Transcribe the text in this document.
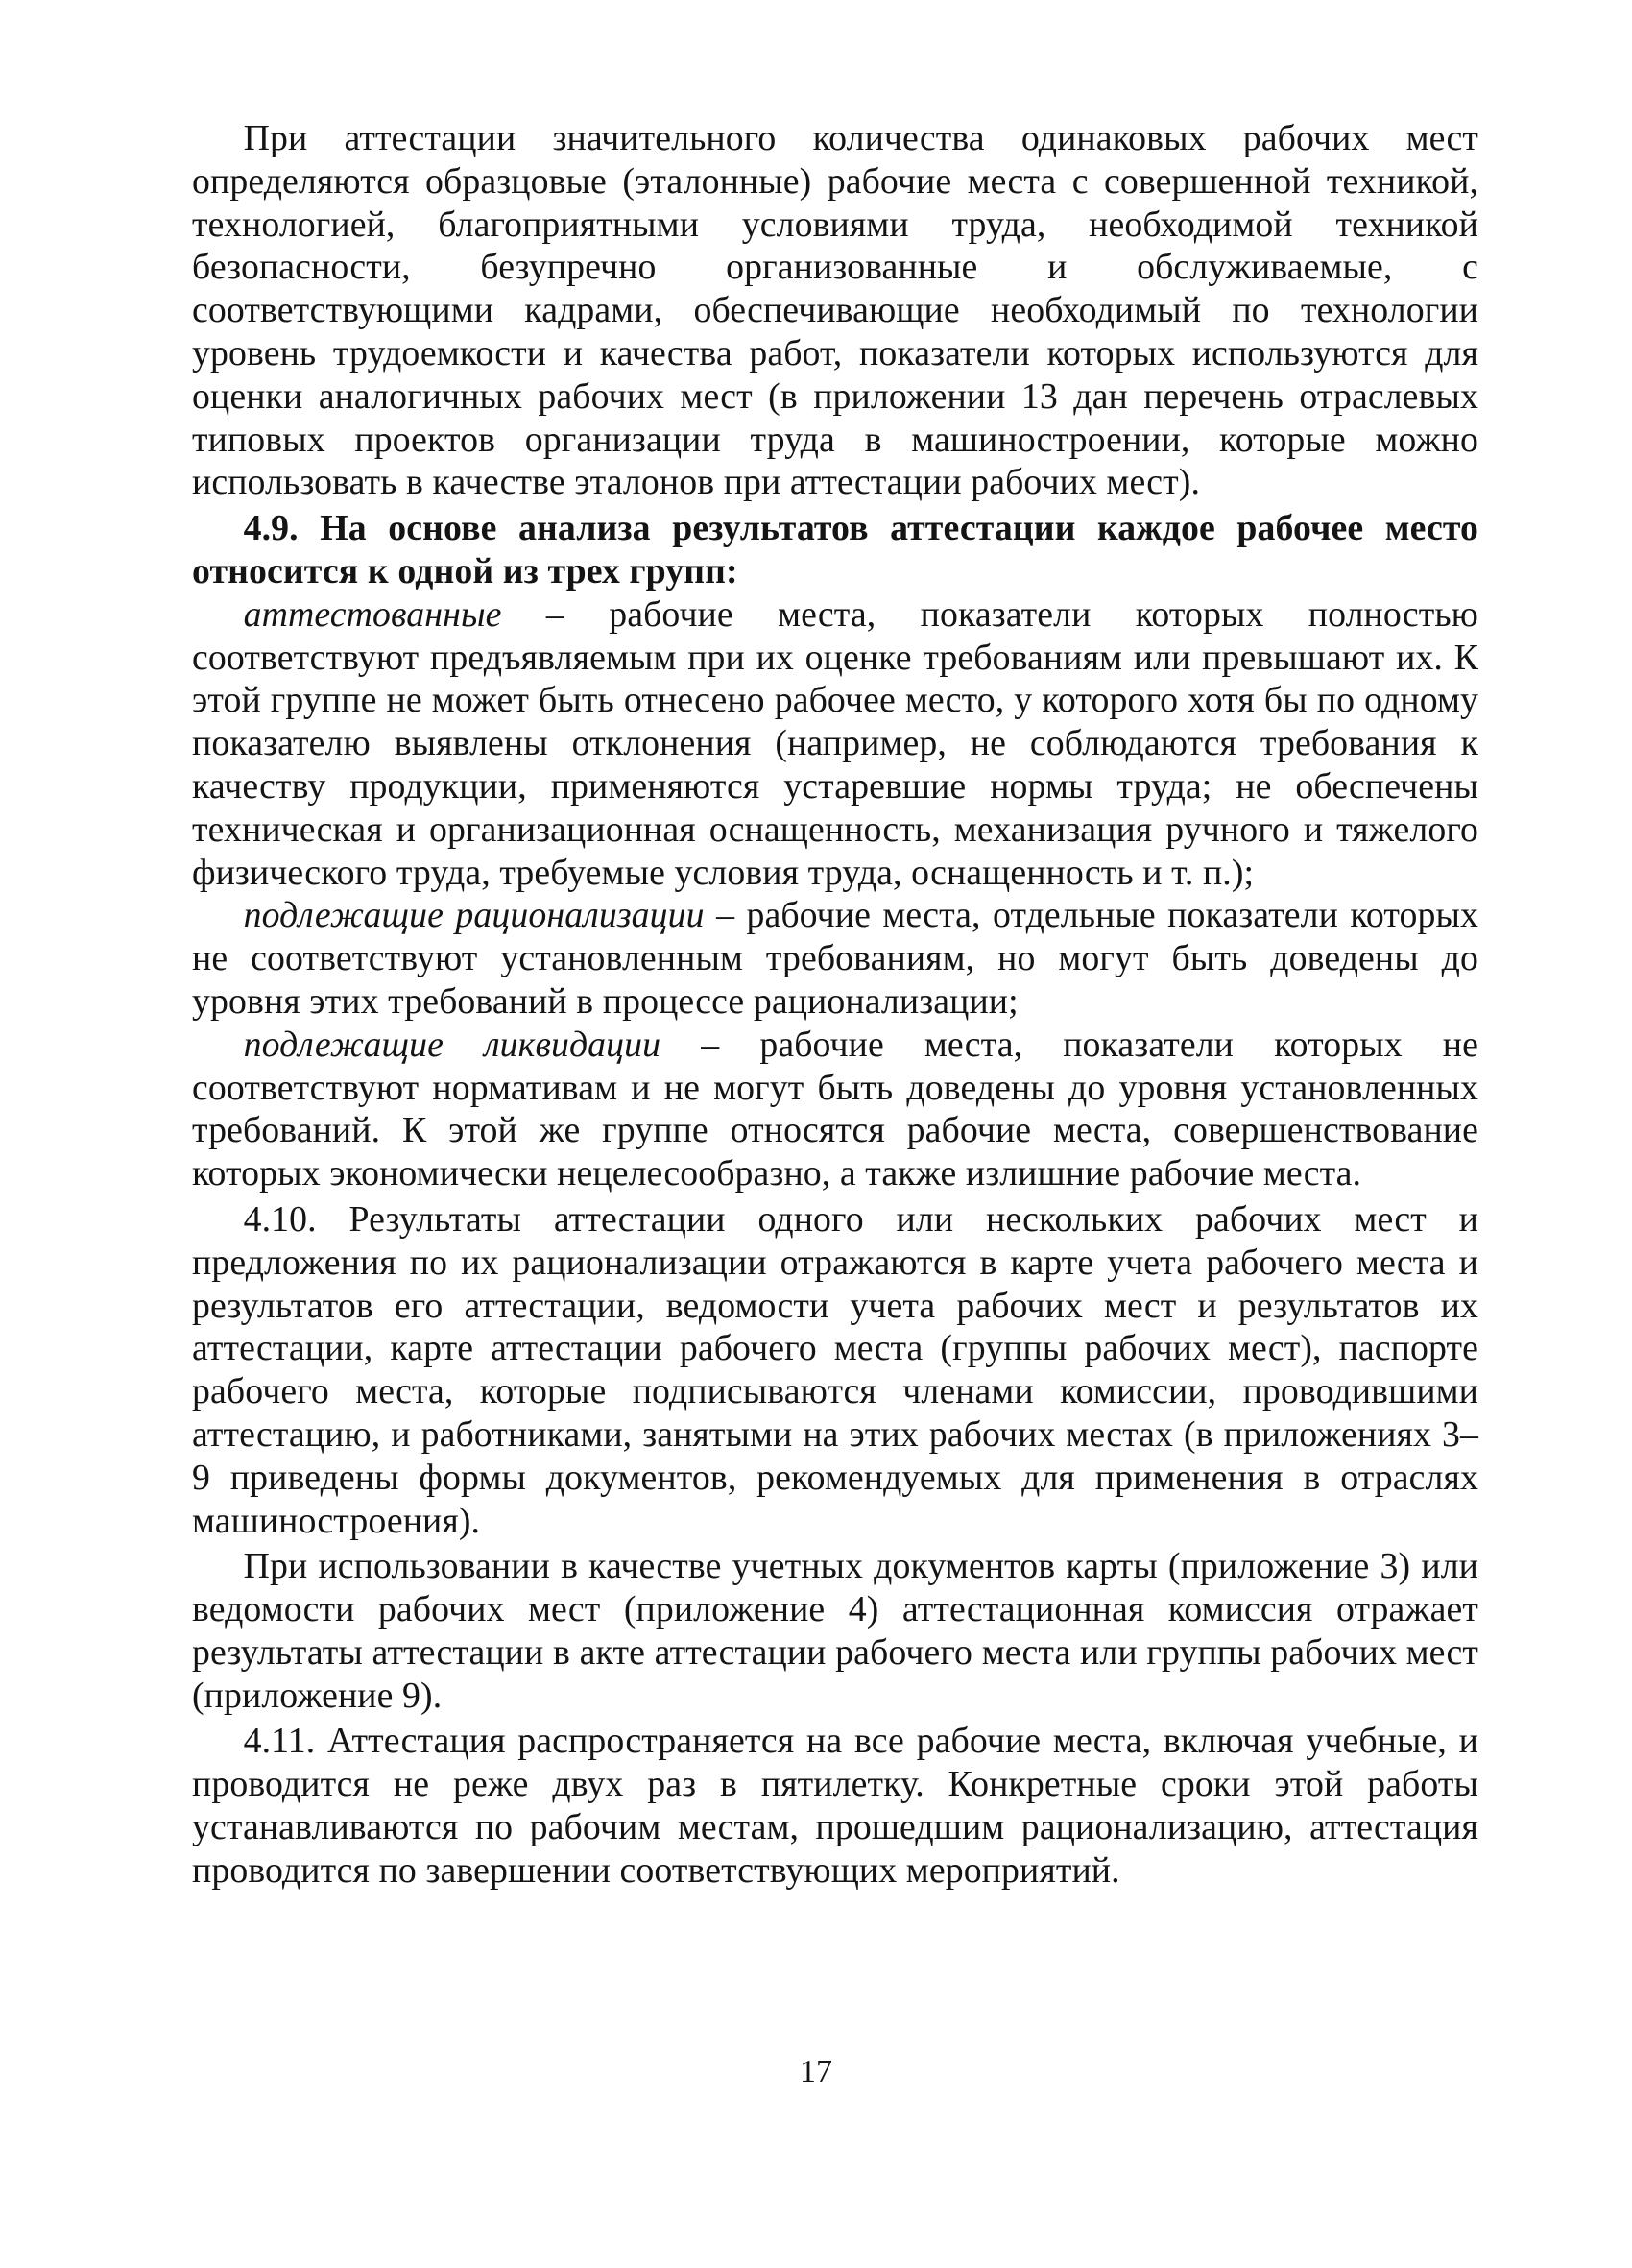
При аттестации значительного количества одинаковых рабочих мест определяются образцовые (эталонные) рабочие места с совершенной техникой, технологией, благоприятными условиями труда, необходимой техникой безопасности, безупречно организованные и обслуживаемые, с соответствующими кадрами, обеспечивающие необходимый по технологии уровень трудоемкости и качества работ, показатели которых используются для оценки аналогичных рабочих мест (в приложении 13 дан перечень отраслевых типовых проектов организации труда в машиностроении, которые можно использовать в качестве эталонов при аттестации рабочих мест).

4.9. На основе анализа результатов аттестации каждое рабочее место относится к одной из трех групп:

аттестованные – рабочие места, показатели которых полностью соответствуют предъявляемым при их оценке требованиям или превышают их. К этой группе не может быть отнесено рабочее место, у которого хотя бы по одному показателю выявлены отклонения (например, не соблюдаются требования к качеству продукции, применяются устаревшие нормы труда; не обеспечены техническая и организационная оснащенность, механизация ручного и тяжелого физического труда, требуемые условия труда, оснащенность и т. п.);

подлежащие рационализации – рабочие места, отдельные показатели которых не соответствуют установленным требованиям, но могут быть доведены до уровня этих требований в процессе рационализации;

подлежащие ликвидации – рабочие места, показатели которых не соответствуют нормативам и не могут быть доведены до уровня установленных требований. К этой же группе относятся рабочие места, совершенствование которых экономически нецелесообразно, а также излишние рабочие места.

4.10. Результаты аттестации одного или нескольких рабочих мест и предложения по их рационализации отражаются в карте учета рабочего места и результатов его аттестации, ведомости учета рабочих мест и результатов их аттестации, карте аттестации рабочего места (группы рабочих мест), паспорте рабочего места, которые подписываются членами комиссии, проводившими аттестацию, и работниками, занятыми на этих рабочих местах (в приложениях 3–9 приведены формы документов, рекомендуемых для применения в отраслях машиностроения).

При использовании в качестве учетных документов карты (приложение 3) или ведомости рабочих мест (приложение 4) аттестационная комиссия отражает результаты аттестации в акте аттестации рабочего места или группы рабочих мест (приложение 9).

4.11. Аттестация распространяется на все рабочие места, включая учебные, и проводится не реже двух раз в пятилетку. Конкретные сроки этой работы устанавливаются по рабочим местам, прошедшим рационализацию, аттестация проводится по завершении соответствующих мероприятий.

17
